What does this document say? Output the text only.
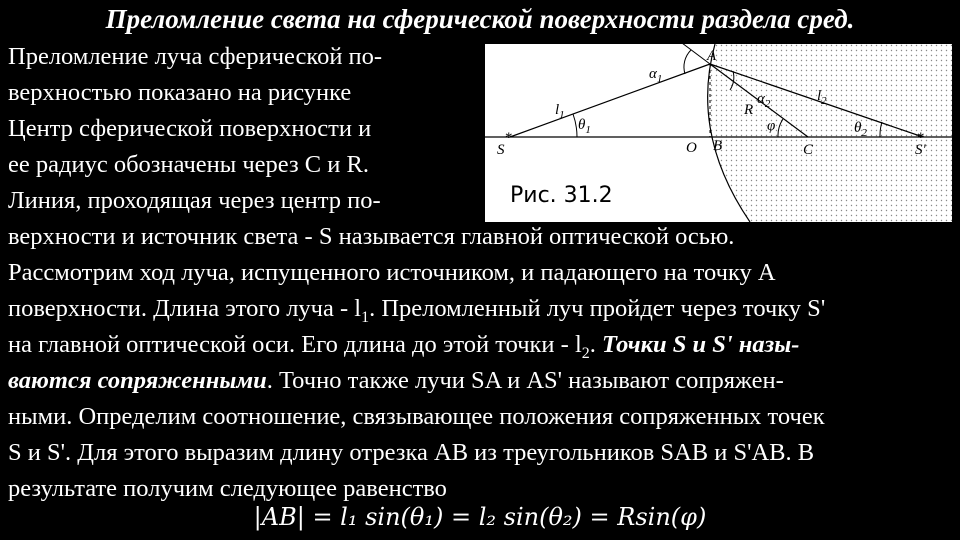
Преломление света на сферической поверхности раздела сред.
Преломление луча сферической по-
верхностью показано на рисунке
Центр сферической поверхности и
ее радиус обозначены через C и R.
Линия, проходящая через центр по-
*	*
A
S	O B	C	S'
R
$l_1$
$l_2$
$\alpha_1$
$\alpha_2$
$\theta_1$	$\theta_2$
φ
Рис. 31.2
верхности и источник света - S называется главной оптической осью.
Рассмотрим ход луча, испущенного источником, и падающего на точку A
поверхности. Длина этого луча - $l_1$. Преломленный луч пройдет через точку S'
на главной оптической оси. Его длина до этой точки - $l_2$. Точки S и S' назы-
ваются сопряженными. Точно также лучи SA и AS' называют сопряжен-
ными. Определим соотношение, связывающее положения сопряженных точек
S и S'. Для этого выразим длину отрезка AB из треугольников SAB и S'AB. В
результате получим следующее равенство
|AB| = l₁ sin(θ₁) = l₂ sin(θ₂) = Rsin(φ)
